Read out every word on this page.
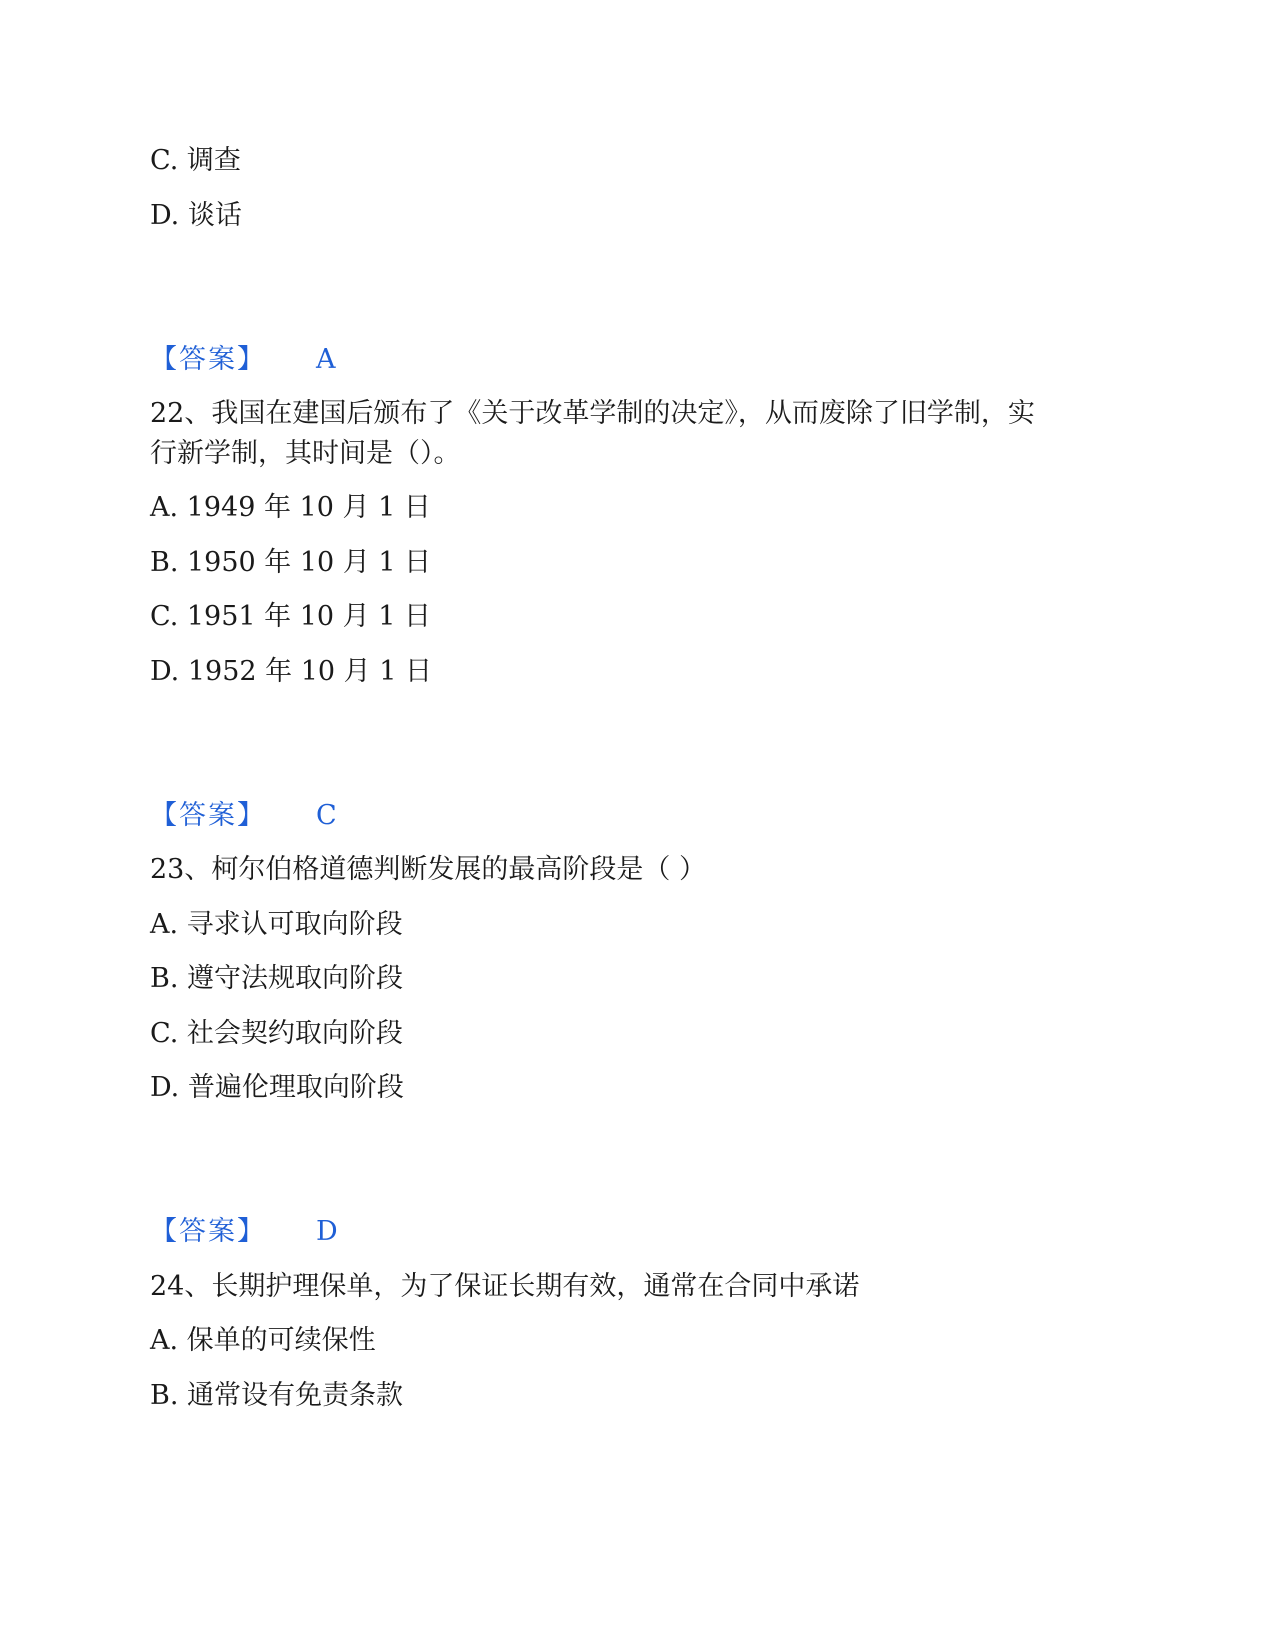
C. 调查
D. 谈话
【答案】 A
22、我国在建国后颁布了《关于改革学制的决定》，从而废除了旧学制，实
行新学制，其时间是（）。
A. 1949 年 10 月 1 日
B. 1950 年 10 月 1 日
C. 1951 年 10 月 1 日
D. 1952 年 10 月 1 日
【答案】 C
23、柯尔伯格道德判断发展的最高阶段是（ ）
A. 寻求认可取向阶段
B. 遵守法规取向阶段
C. 社会契约取向阶段
D. 普遍伦理取向阶段
【答案】 D
24、长期护理保单，为了保证长期有效，通常在合同中承诺
A. 保单的可续保性
B. 通常设有免责条款
